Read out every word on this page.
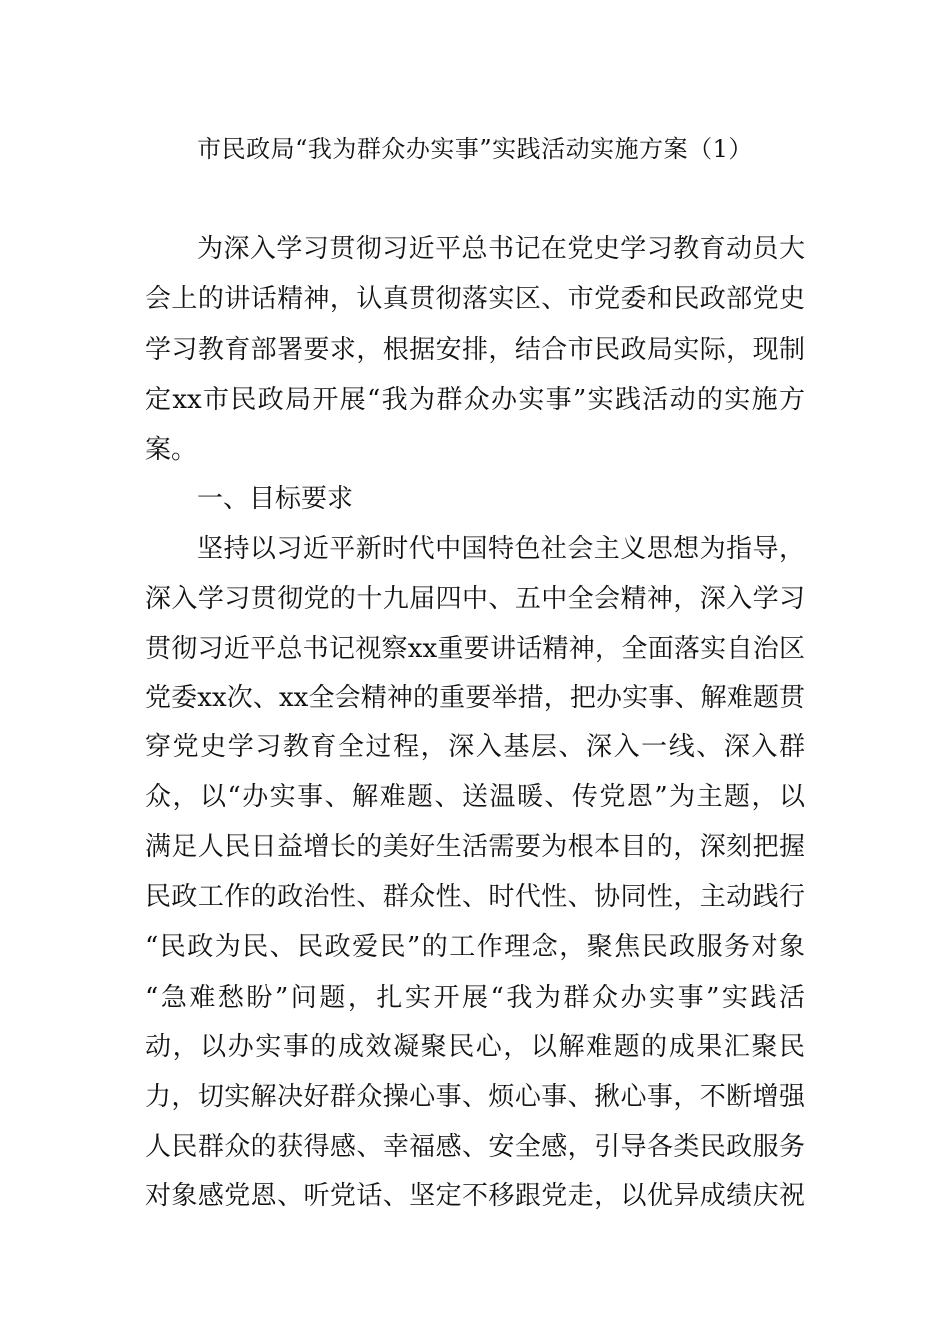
市民政局“我为群众办实事”实践活动实施方案（1）
为深入学习贯彻习近平总书记在党史学习教育动员大
会上的讲话精神，认真贯彻落实区、市党委和民政部党史
学习教育部署要求，根据安排，结合市民政局实际，现制
定xx市民政局开展“我为群众办实事”实践活动的实施方
案。
一、目标要求
坚持以习近平新时代中国特色社会主义思想为指导，
深入学习贯彻党的十九届四中、五中全会精神，深入学习
贯彻习近平总书记视察xx重要讲话精神，全面落实自治区
党委xx次、xx全会精神的重要举措，把办实事、解难题贯
穿党史学习教育全过程，深入基层、深入一线、深入群
众，以“办实事、解难题、送温暖、传党恩”为主题，以
满足人民日益增长的美好生活需要为根本目的，深刻把握
民政工作的政治性、群众性、时代性、协同性，主动践行
“民政为民、民政爱民”的工作理念，聚焦民政服务对象
“急难愁盼”问题，扎实开展“我为群众办实事”实践活
动，以办实事的成效凝聚民心，以解难题的成果汇聚民
力，切实解决好群众操心事、烦心事、揪心事，不断增强
人民群众的获得感、幸福感、安全感，引导各类民政服务
对象感党恩、听党话、坚定不移跟党走，以优异成绩庆祝
